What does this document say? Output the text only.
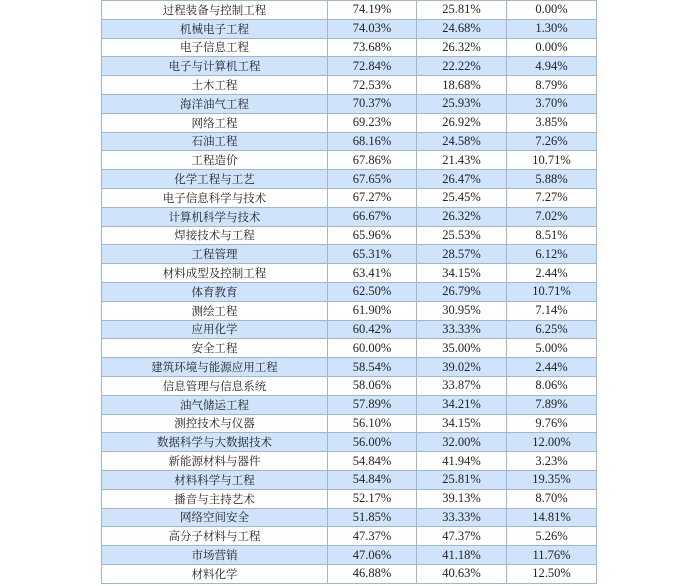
过程装备与控制工程	74.19%	25.81%	0.00%
机械电子工程	74.03%	24.68%	1.30%
电子信息工程	73.68%	26.32%	0.00%
电子与计算机工程	72.84%	22.22%	4.94%
土木工程	72.53%	18.68%	8.79%
海洋油气工程	70.37%	25.93%	3.70%
网络工程	69.23%	26.92%	3.85%
石油工程	68.16%	24.58%	7.26%
工程造价	67.86%	21.43%	10.71%
化学工程与工艺	67.65%	26.47%	5.88%
电子信息科学与技术	67.27%	25.45%	7.27%
计算机科学与技术	66.67%	26.32%	7.02%
焊接技术与工程	65.96%	25.53%	8.51%
工程管理	65.31%	28.57%	6.12%
材料成型及控制工程	63.41%	34.15%	2.44%
体育教育	62.50%	26.79%	10.71%
测绘工程	61.90%	30.95%	7.14%
应用化学	60.42%	33.33%	6.25%
安全工程	60.00%	35.00%	5.00%
建筑环境与能源应用工程	58.54%	39.02%	2.44%
信息管理与信息系统	58.06%	33.87%	8.06%
油气储运工程	57.89%	34.21%	7.89%
测控技术与仪器	56.10%	34.15%	9.76%
数据科学与大数据技术	56.00%	32.00%	12.00%
新能源材料与器件	54.84%	41.94%	3.23%
材料科学与工程	54.84%	25.81%	19.35%
播音与主持艺术	52.17%	39.13%	8.70%
网络空间安全	51.85%	33.33%	14.81%
高分子材料与工程	47.37%	47.37%	5.26%
市场营销	47.06%	41.18%	11.76%
材料化学	46.88%	40.63%	12.50%
